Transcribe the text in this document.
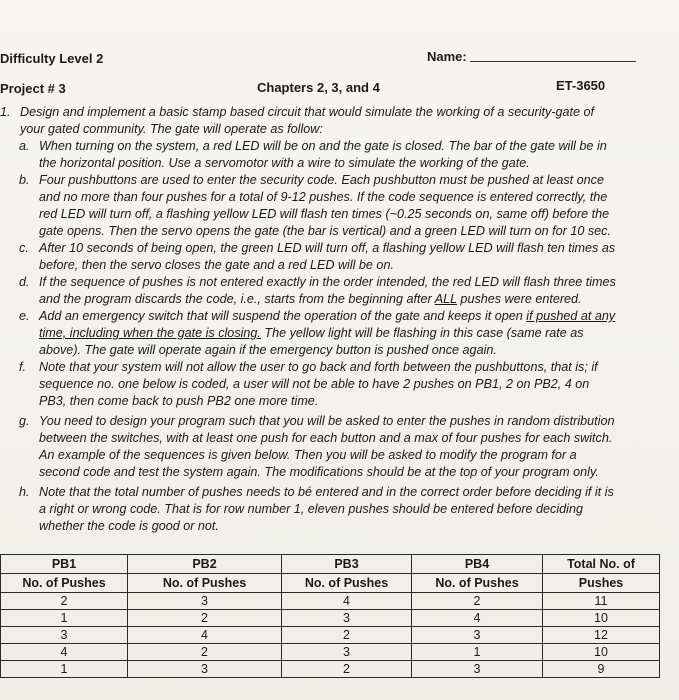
Difficulty Level 2	Name:
Project # 3	Chapters 2, 3, and 4	ET-3650
1. Design and implement a basic stamp based circuit that would simulate the working of a security-gate of
your gated community. The gate will operate as follow:
a. When turning on the system, a red LED will be on and the gate is closed. The bar of the gate will be in
the horizontal position. Use a servomotor with a wire to simulate the working of the gate.
b. Four pushbuttons are used to enter the security code. Each pushbutton must be pushed at least once
and no more than four pushes for a total of 9-12 pushes. If the code sequence is entered correctly, the
red LED will turn off, a flashing yellow LED will flash ten times (~0.25 seconds on, same off) before the
gate opens. Then the servo opens the gate (the bar is vertical) and a green LED will turn on for 10 sec.
c. After 10 seconds of being open, the green LED will turn off, a flashing yellow LED will flash ten times as
before, then the servo closes the gate and a red LED will be on.
d. If the sequence of pushes is not entered exactly in the order intended, the red LED will flash three times
and the program discards the code, i.e., starts from the beginning after ALL pushes were entered.
e. Add an emergency switch that will suspend the operation of the gate and keeps it open if pushed at any
time, including when the gate is closing. The yellow light will be flashing in this case (same rate as
above). The gate will operate again if the emergency button is pushed once again.
f. Note that your system will not allow the user to go back and forth between the pushbuttons, that is; if
sequence no. one below is coded, a user will not be able to have 2 pushes on PB1, 2 on PB2, 4 on
PB3, then come back to push PB2 one more time.
g. You need to design your program such that you will be asked to enter the pushes in random distribution
between the switches, with at least one push for each button and a max of four pushes for each switch.
An example of the sequences is given below. Then you will be asked to modify the program for a
second code and test the system again. The modifications should be at the top of your program only.
h. Note that the total number of pushes needs to bé entered and in the correct order before deciding if it is
a right or wrong code. That is for row number 1, eleven pushes should be entered before deciding
whether the code is good or not.
PB1	PB2	PB3	PB4	Total No. of
No. of Pushes	No. of Pushes	No. of Pushes	No. of Pushes	Pushes
2	3	4	2	11
1	2	3	4	10
3	4	2	3	12
4	2	3	1	10
1	3	2	3	9
